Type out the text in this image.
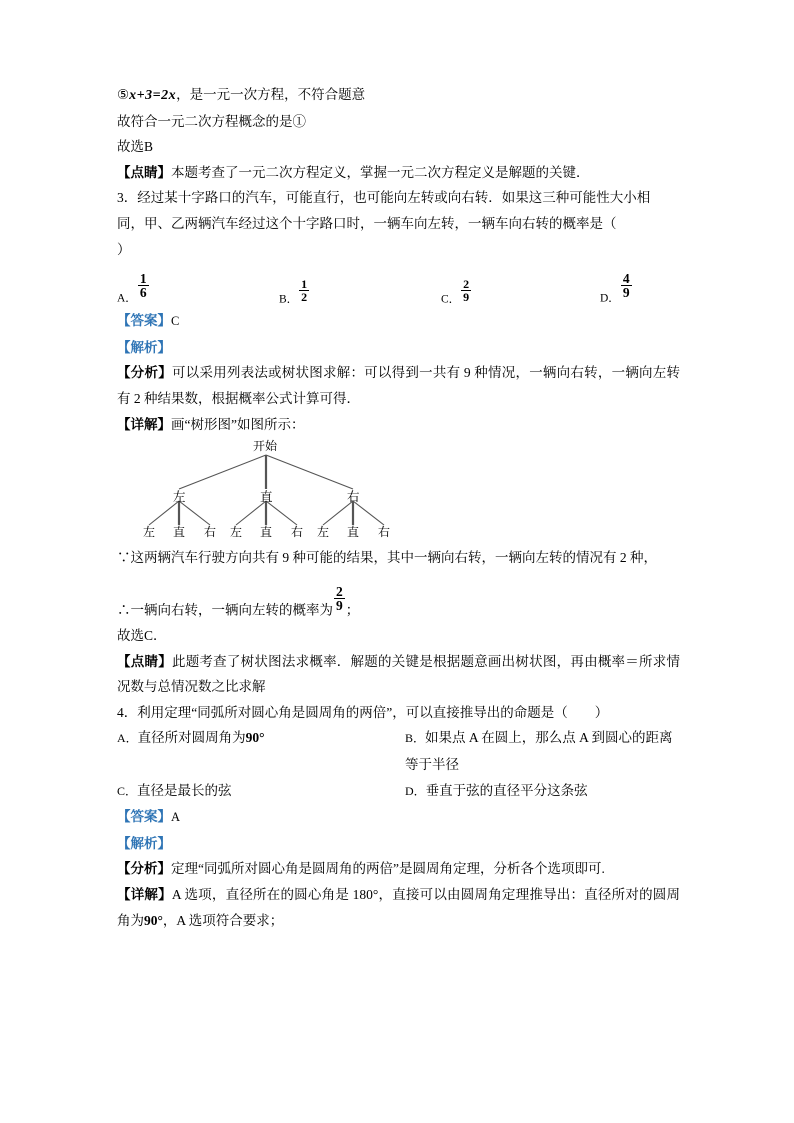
⑤x+3=2x，是一元一次方程，不符合题意
故符合一元二次方程概念的是①
故选B
【点睛】本题考查了一元二次方程定义，掌握一元二次方程定义是解题的关键．
3．经过某十字路口的汽车，可能直行，也可能向左转或向右转．如果这三种可能性大小相
同，甲、乙两辆汽车经过这个十字路口时，一辆车向左转，一辆车向右转的概率是（
）
A． $\frac{1}{6}$	B． $\frac{1}{2}$	C． $\frac{2}{9}$	D． $\frac{4}{9}$
【答案】C
【解析】
【分析】可以采用列表法或树状图求解：可以得到一共有 9 种情况，一辆向右转，一辆向左转有 2 种结果数，根据概率公式计算可得．
【详解】画“树形图”如图所示：
开始
左	直	右
左 直 右 左 直 右 左 直 右
∵这两辆汽车行驶方向共有 9 种可能的结果，其中一辆向右转，一辆向左转的情况有 2 种，
∴一辆向右转，一辆向左转的概率为 $\frac{2}{9}$ ；
故选C．
【点睛】此题考查了树状图法求概率．解题的关键是根据题意画出树状图，再由概率＝所求情况数与总情况数之比求解
4．利用定理“同弧所对圆心角是圆周角的两倍”，可以直接推导出的命题是（　　）
A．直径所对圆周角为90°	B．如果点 A 在圆上，那么点 A 到圆心的距离等于半径
C．直径是最长的弦	D．垂直于弦的直径平分这条弦
【答案】A
【解析】
【分析】定理“同弧所对圆心角是圆周角的两倍”是圆周角定理，分析各个选项即可.
【详解】A 选项，直径所在的圆心角是 180°，直接可以由圆周角定理推导出：直径所对的圆周角为90°，A 选项符合要求；
